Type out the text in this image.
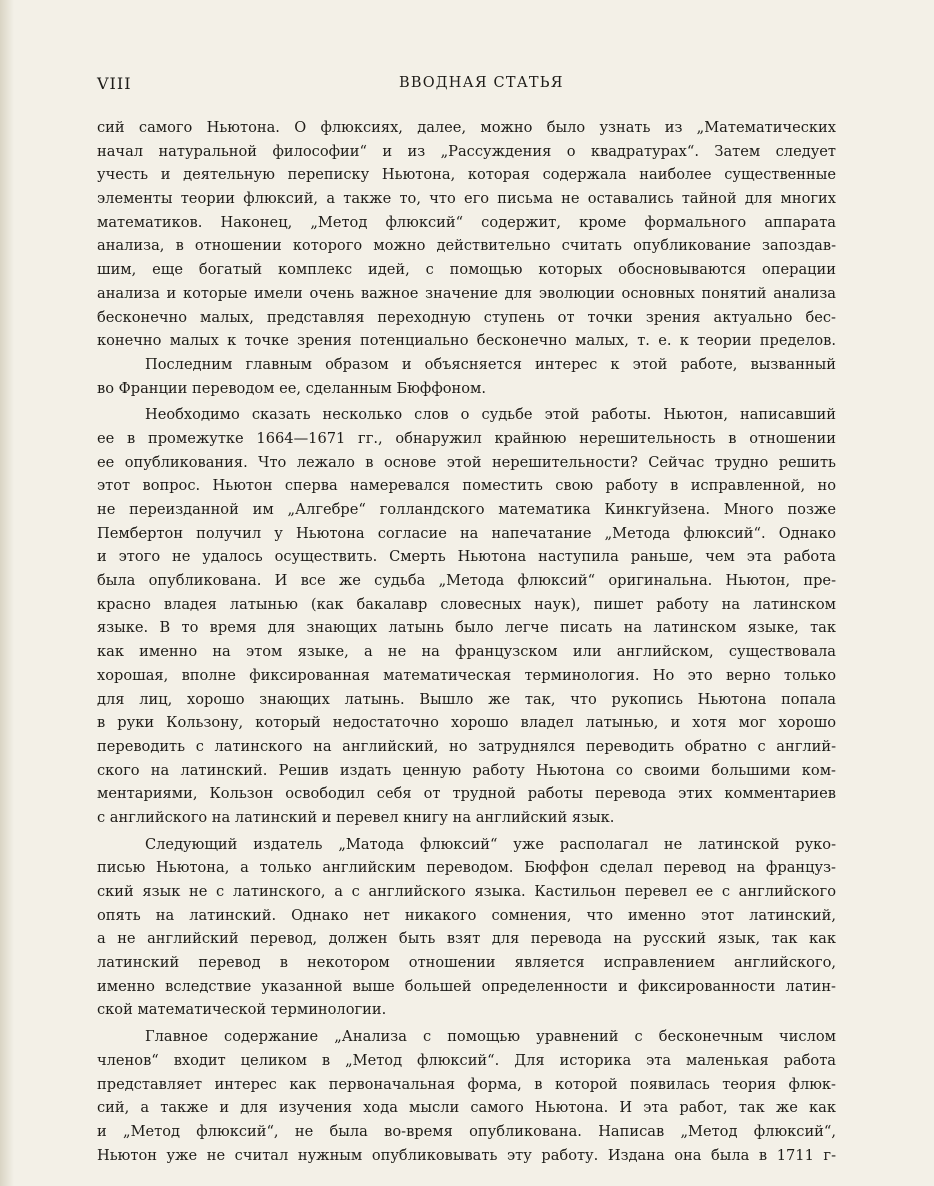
VIII	ВВОДНАЯ СТАТЬЯ
сий самого Ньютона. О флюксиях, далее, можно было узнать из „Математических
начал натуральной философии“ и из „Рассуждения о квадратурах“. Затем следует
учесть и деятельную переписку Ньютона, которая содержала наиболее существенные
элементы теории флюксий, а также то, что его письма не оставались тайной для многих
математиков. Наконец, „Метод флюксий“ содержит, кроме формального аппарата
анализа, в отношении которого можно действительно считать опубликование запоздав-
шим, еще богатый комплекс идей, с помощью которых обосновываются операции
анализа и которые имели очень важное значение для эволюции основных понятий анализа
бесконечно малых, представляя переходную ступень от точки зрения актуально бес-
конечно малых к точке зрения потенциально бесконечно малых, т. е. к теории пределов.
Последним главным образом и объясняется интерес к этой работе, вызванный
во Франции переводом ее, сделанным Бюффоном.
Необходимо сказать несколько слов о судьбе этой работы. Ньютон, написавший
ее в промежутке 1664—1671 гг., обнаружил крайнюю нерешительность в отношении
ее опубликования. Что лежало в основе этой нерешительности? Сейчас трудно решить
этот вопрос. Ньютон сперва намеревался поместить свою работу в исправленной, но
не переизданной им „Алгебре“ голландского математика Кинкгуйзена. Много позже
Пембертон получил у Ньютона согласие на напечатание „Метода флюксий“. Однако
и этого не удалось осуществить. Смерть Ньютона наступила раньше, чем эта работа
была опубликована. И все же судьба „Метода флюксий“ оригинальна. Ньютон, пре-
красно владея латынью (как бакалавр словесных наук), пишет работу на латинском
языке. В то время для знающих латынь было легче писать на латинском языке, так
как именно на этом языке, а не на французском или английском, существовала
хорошая, вполне фиксированная математическая терминология. Но это верно только
для лиц, хорошо знающих латынь. Вышло же так, что рукопись Ньютона попала
в руки Кользону, который недостаточно хорошо владел латынью, и хотя мог хорошо
переводить с латинского на английский, но затруднялся переводить обратно с англий-
ского на латинский. Решив издать ценную работу Ньютона со своими большими ком-
ментариями, Кользон освободил себя от трудной работы перевода этих комментариев
с английского на латинский и перевел книгу на английский язык.
Следующий издатель „Матода флюксий“ уже располагал не латинской руко-
писью Ньютона, а только английским переводом. Бюффон сделал перевод на француз-
ский язык не с латинского, а с английского языка. Кастильон перевел ее с английского
опять на латинский. Однако нет никакого сомнения, что именно этот латинский,
а не английский перевод, должен быть взят для перевода на русский язык, так как
латинский перевод в некотором отношении является исправлением английского,
именно вследствие указанной выше большей определенности и фиксированности латин-
ской математической терминологии.
Главное содержание „Анализа с помощью уравнений с бесконечным числом
членов“ входит целиком в „Метод флюксий“. Для историка эта маленькая работа
представляет интерес как первоначальная форма, в которой появилась теория флюк-
сий, а также и для изучения хода мысли самого Ньютона. И эта работ, так же как
и „Метод флюксий“, не была во-время опубликована. Написав „Метод флюксий“,
Ньютон уже не считал нужным опубликовывать эту работу. Издана она была в 1711 г-
